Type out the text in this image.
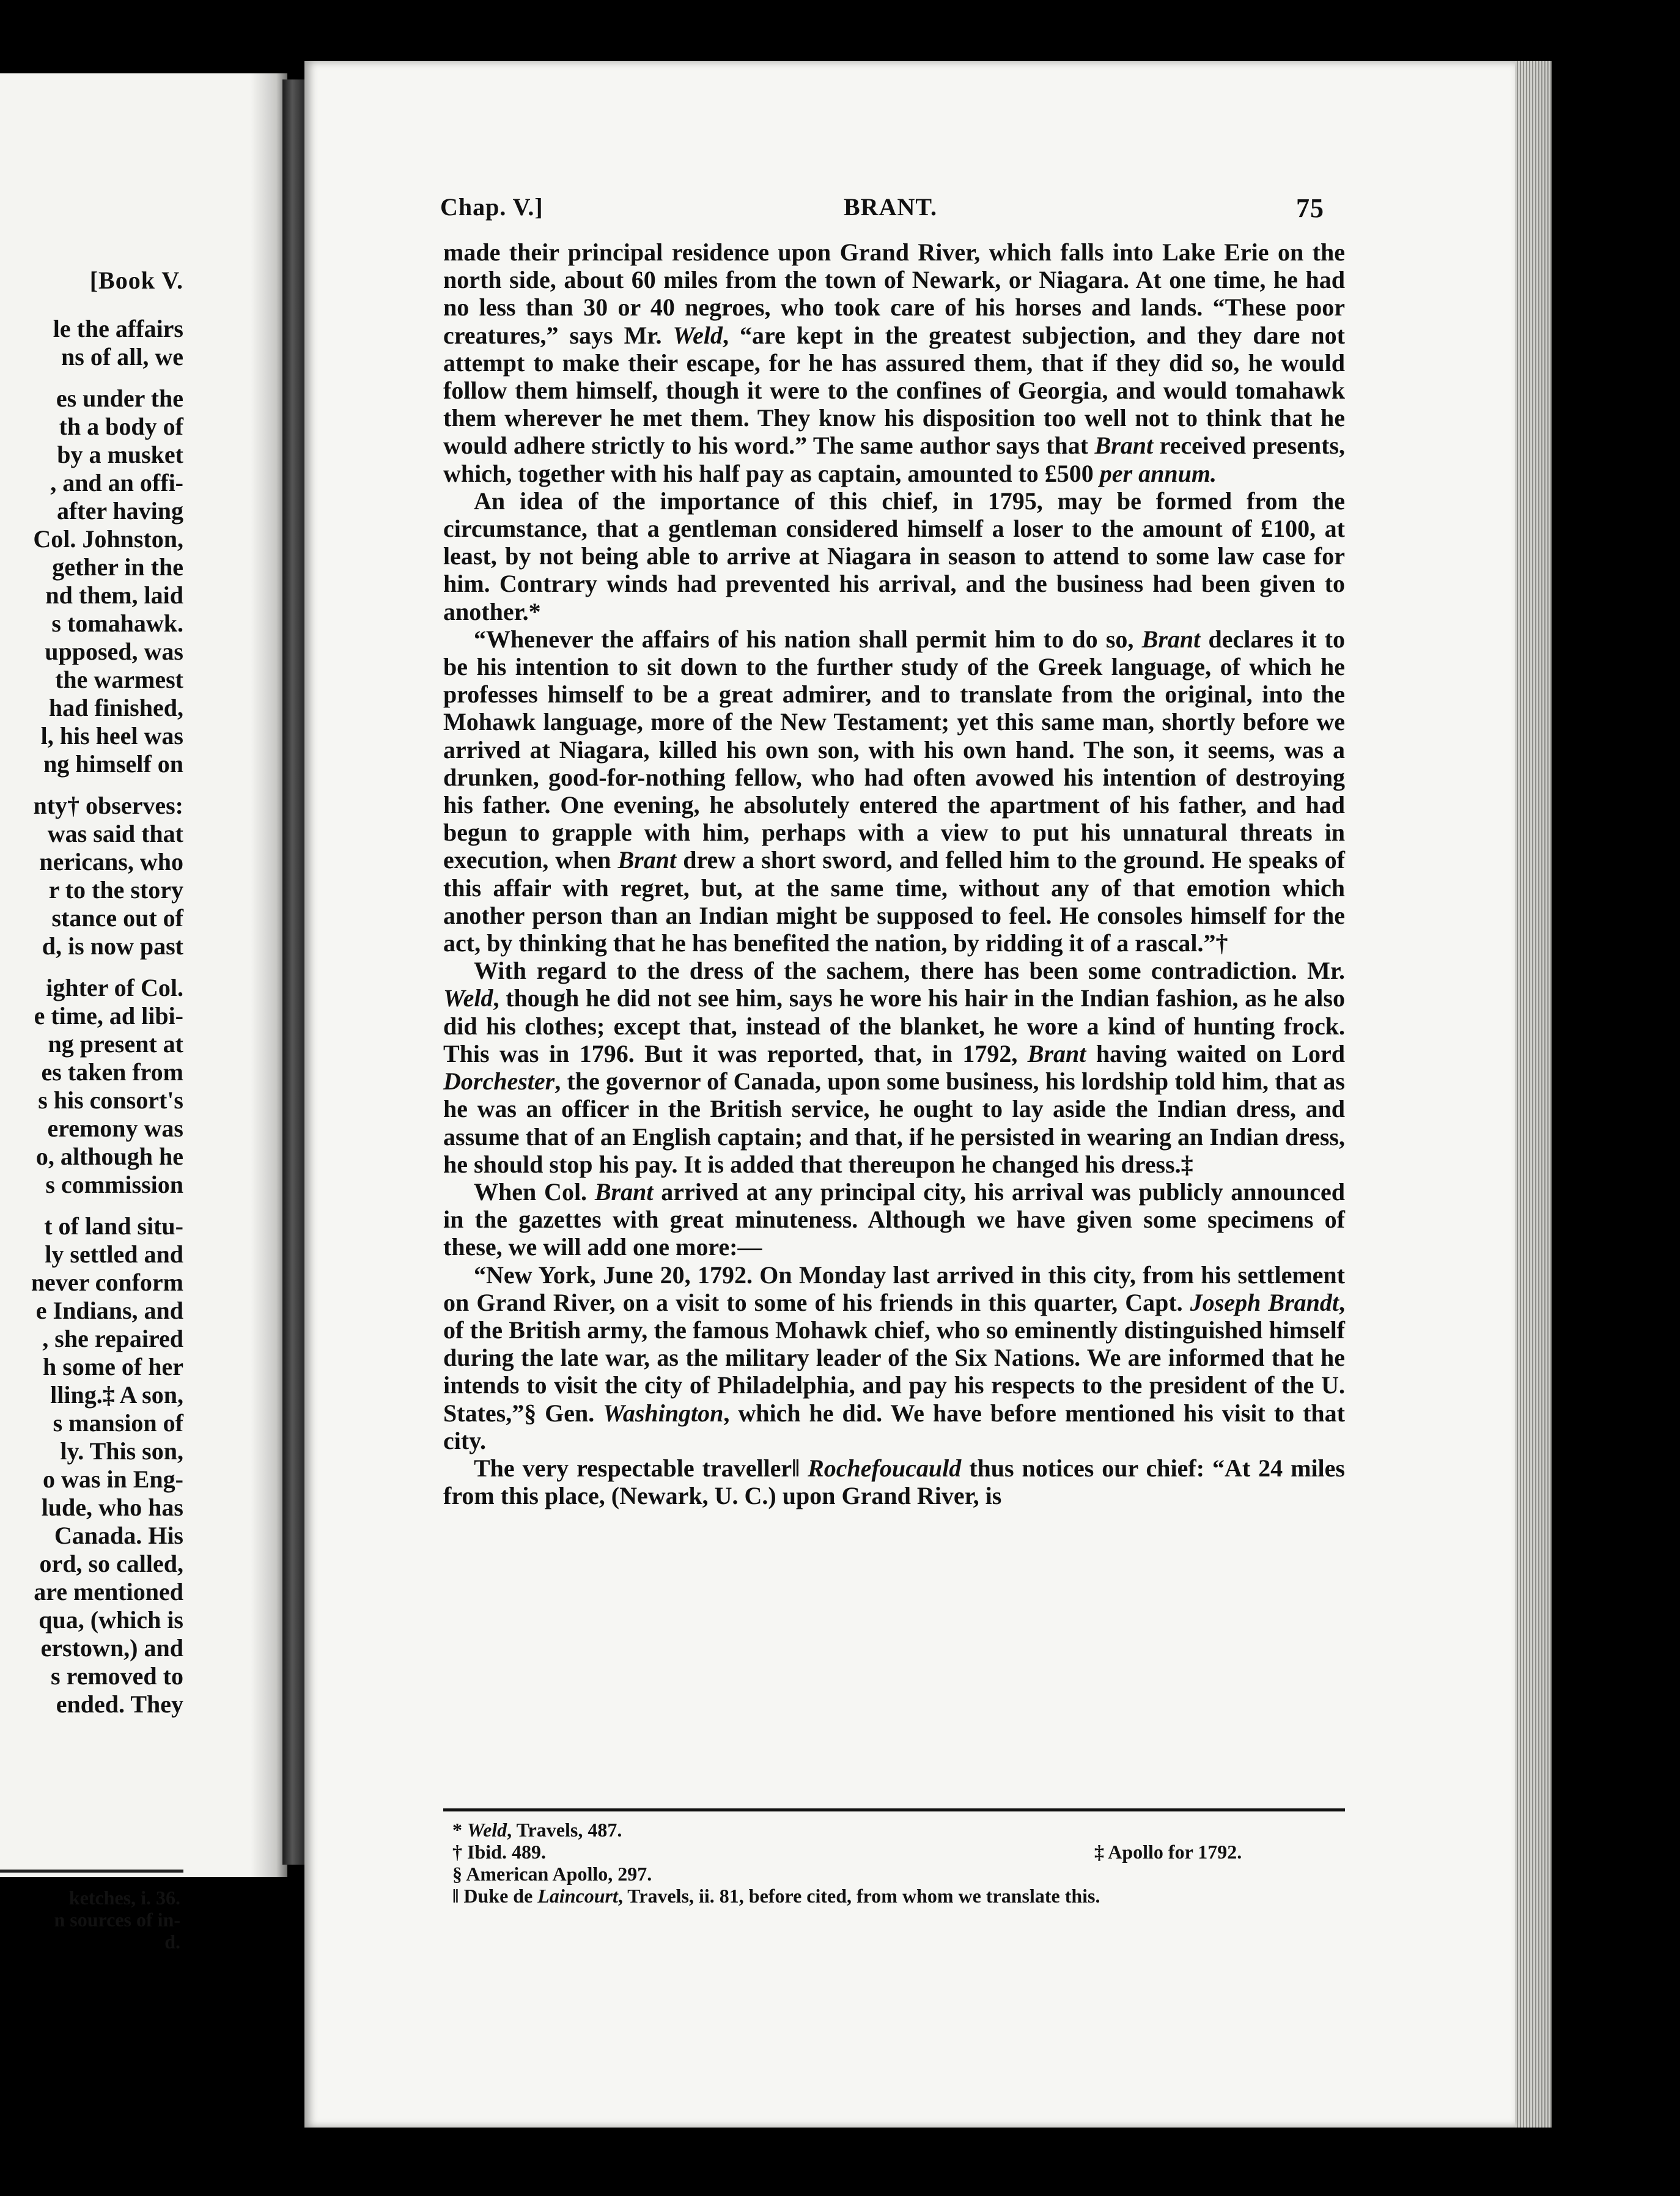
[Book V.
le the affairs
ns of all, we
es under the
th a body of
by a musket
, and an offi-
after having
Col. Johnston,
gether in the
nd them, laid
s tomahawk.
upposed, was
the warmest
had finished,
l, his heel was
ng himself on
nty† observes:
was said that
nericans, who
r to the story
stance out of
d, is now past
ighter of Col.
e time, ad libi-
ng present at
es taken from
s his consort's
eremony was
o, although he
s commission
t of land situ-
ly settled and
never conform
e Indians, and
, she repaired
h some of her
lling.‡ A son,
s mansion of
ly. This son,
o was in Eng-
lude, who has
Canada. His
ord, so called,
are mentioned
qua, (which is
erstown,) and
s removed to
ended. They
ketches, i. 36.
n sources of in-
d.
Chap. V.]	BRANT.	75

made their principal residence upon Grand River, which falls into Lake Erie on the north side, about 60 miles from the town of Newark, or Niagara. At one time, he had no less than 30 or 40 negroes, who took care of his horses and lands. “These poor creatures,” says Mr. Weld, “are kept in the greatest subjection, and they dare not attempt to make their escape, for he has assured them, that if they did so, he would follow them himself, though it were to the confines of Georgia, and would tomahawk them wherever he met them. They know his disposition too well not to think that he would adhere strictly to his word.” The same author says that Brant received presents, which, together with his half pay as captain, amounted to £500 per annum.

An idea of the importance of this chief, in 1795, may be formed from the circumstance, that a gentleman considered himself a loser to the amount of £100, at least, by not being able to arrive at Niagara in season to attend to some law case for him. Contrary winds had prevented his arrival, and the business had been given to another.*

“Whenever the affairs of his nation shall permit him to do so, Brant declares it to be his intention to sit down to the further study of the Greek language, of which he professes himself to be a great admirer, and to translate from the original, into the Mohawk language, more of the New Testament; yet this same man, shortly before we arrived at Niagara, killed his own son, with his own hand. The son, it seems, was a drunken, good-for-nothing fellow, who had often avowed his intention of destroying his father. One evening, he absolutely entered the apartment of his father, and had begun to grapple with him, perhaps with a view to put his unnatural threats in execution, when Brant drew a short sword, and felled him to the ground. He speaks of this affair with regret, but, at the same time, without any of that emotion which another person than an Indian might be supposed to feel. He consoles himself for the act, by thinking that he has benefited the nation, by ridding it of a rascal.”†

With regard to the dress of the sachem, there has been some contradiction. Mr. Weld, though he did not see him, says he wore his hair in the Indian fashion, as he also did his clothes; except that, instead of the blanket, he wore a kind of hunting frock. This was in 1796. But it was reported, that, in 1792, Brant having waited on Lord Dorchester, the governor of Canada, upon some business, his lordship told him, that as he was an officer in the British service, he ought to lay aside the Indian dress, and assume that of an English captain; and that, if he persisted in wearing an Indian dress, he should stop his pay. It is added that thereupon he changed his dress.‡

When Col. Brant arrived at any principal city, his arrival was publicly announced in the gazettes with great minuteness. Although we have given some specimens of these, we will add one more:—

“New York, June 20, 1792. On Monday last arrived in this city, from his settlement on Grand River, on a visit to some of his friends in this quarter, Capt. Joseph Brandt, of the British army, the famous Mohawk chief, who so eminently distinguished himself during the late war, as the military leader of the Six Nations. We are informed that he intends to visit the city of Philadelphia, and pay his respects to the president of the U. States,”§ Gen. Washington, which he did. We have before mentioned his visit to that city.

The very respectable traveller‖ Rochefoucauld thus notices our chief: “At 24 miles from this place, (Newark, U. C.) upon Grand River, is

* Weld, Travels, 487.
† Ibid. 489.	‡ Apollo for 1792.
§ American Apollo, 297.
‖ Duke de Laincourt, Travels, ii. 81, before cited, from whom we translate this.
